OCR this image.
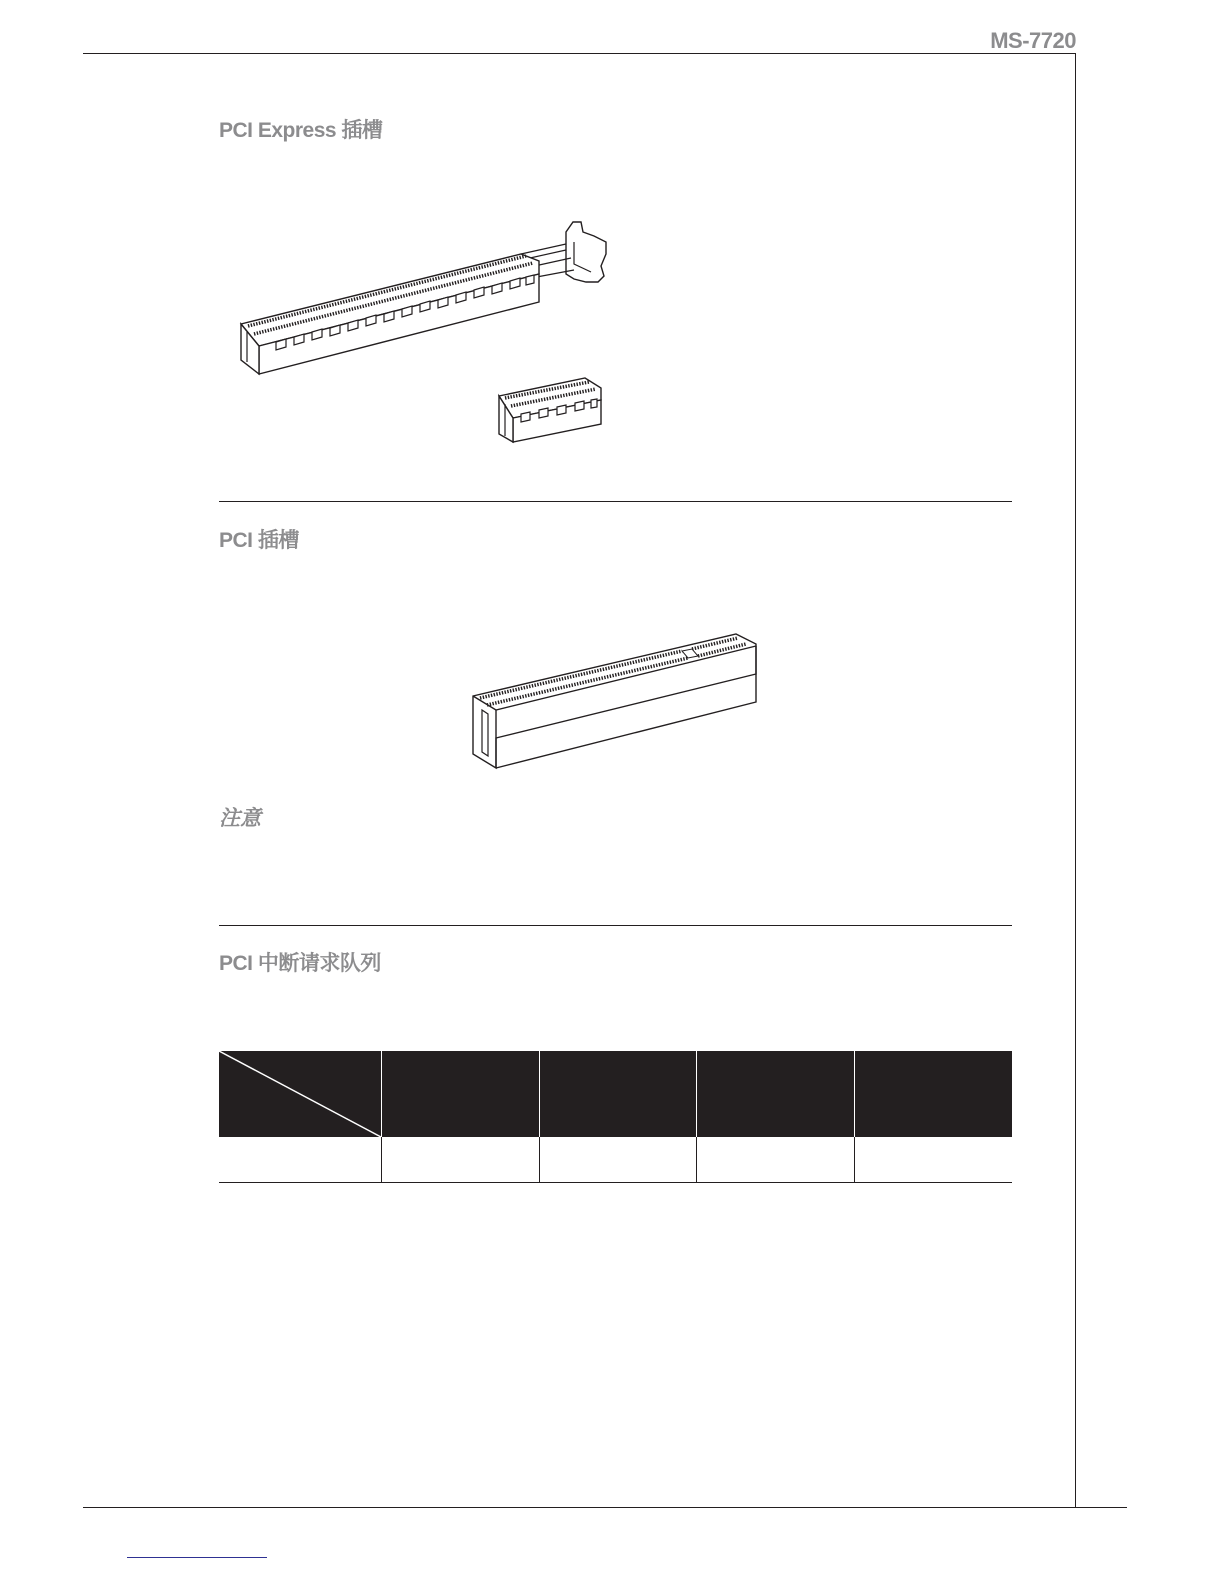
MS-7720
PCI Express 插槽
PCI 插槽
注意
PCI 中断请求队列
